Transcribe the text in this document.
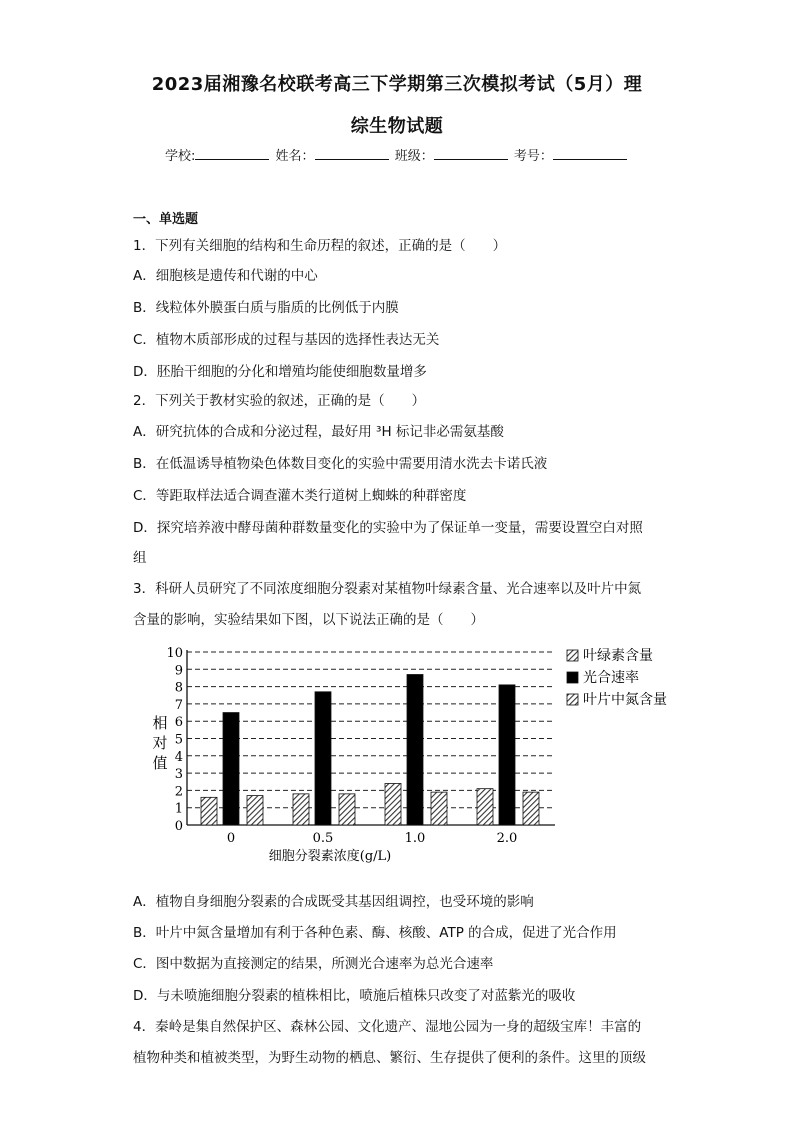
2023届湘豫名校联考高三下学期第三次模拟考试（5月）理
综生物试题
学校:	姓名：	班级：	考号：
一、单选题
1．下列有关细胞的结构和生命历程的叙述，正确的是（　　）
A．细胞核是遗传和代谢的中心
B．线粒体外膜蛋白质与脂质的比例低于内膜
C．植物木质部形成的过程与基因的选择性表达无关
D．胚胎干细胞的分化和增殖均能使细胞数量增多
2．下列关于教材实验的叙述，正确的是（　　）
A．研究抗体的合成和分泌过程，最好用 ³H 标记非必需氨基酸
B．在低温诱导植物染色体数目变化的实验中需要用清水洗去卡诺氏液
C．等距取样法适合调查灌木类行道树上蜘蛛的种群密度
D．探究培养液中酵母菌种群数量变化的实验中为了保证单一变量，需要设置空白对照
组
3．科研人员研究了不同浓度细胞分裂素对某植物叶绿素含量、光合速率以及叶片中氮
含量的影响，实验结果如下图，以下说法正确的是（　　）
0
1
2
3
4
5
6
7
8
9
10
0	0.5	1.0	2.0
相
对
值
细胞分裂素浓度(g/L)
叶绿素含量
光合速率
叶片中氮含量
A．植物自身细胞分裂素的合成既受其基因组调控，也受环境的影响
B．叶片中氮含量增加有利于各种色素、酶、核酸、ATP 的合成，促进了光合作用
C．图中数据为直接测定的结果，所测光合速率为总光合速率
D．与未喷施细胞分裂素的植株相比，喷施后植株只改变了对蓝紫光的吸收
4．秦岭是集自然保护区、森林公园、文化遗产、湿地公园为一身的超级宝库！丰富的
植物种类和植被类型，为野生动物的栖息、繁衍、生存提供了便利的条件。这里的顶级
